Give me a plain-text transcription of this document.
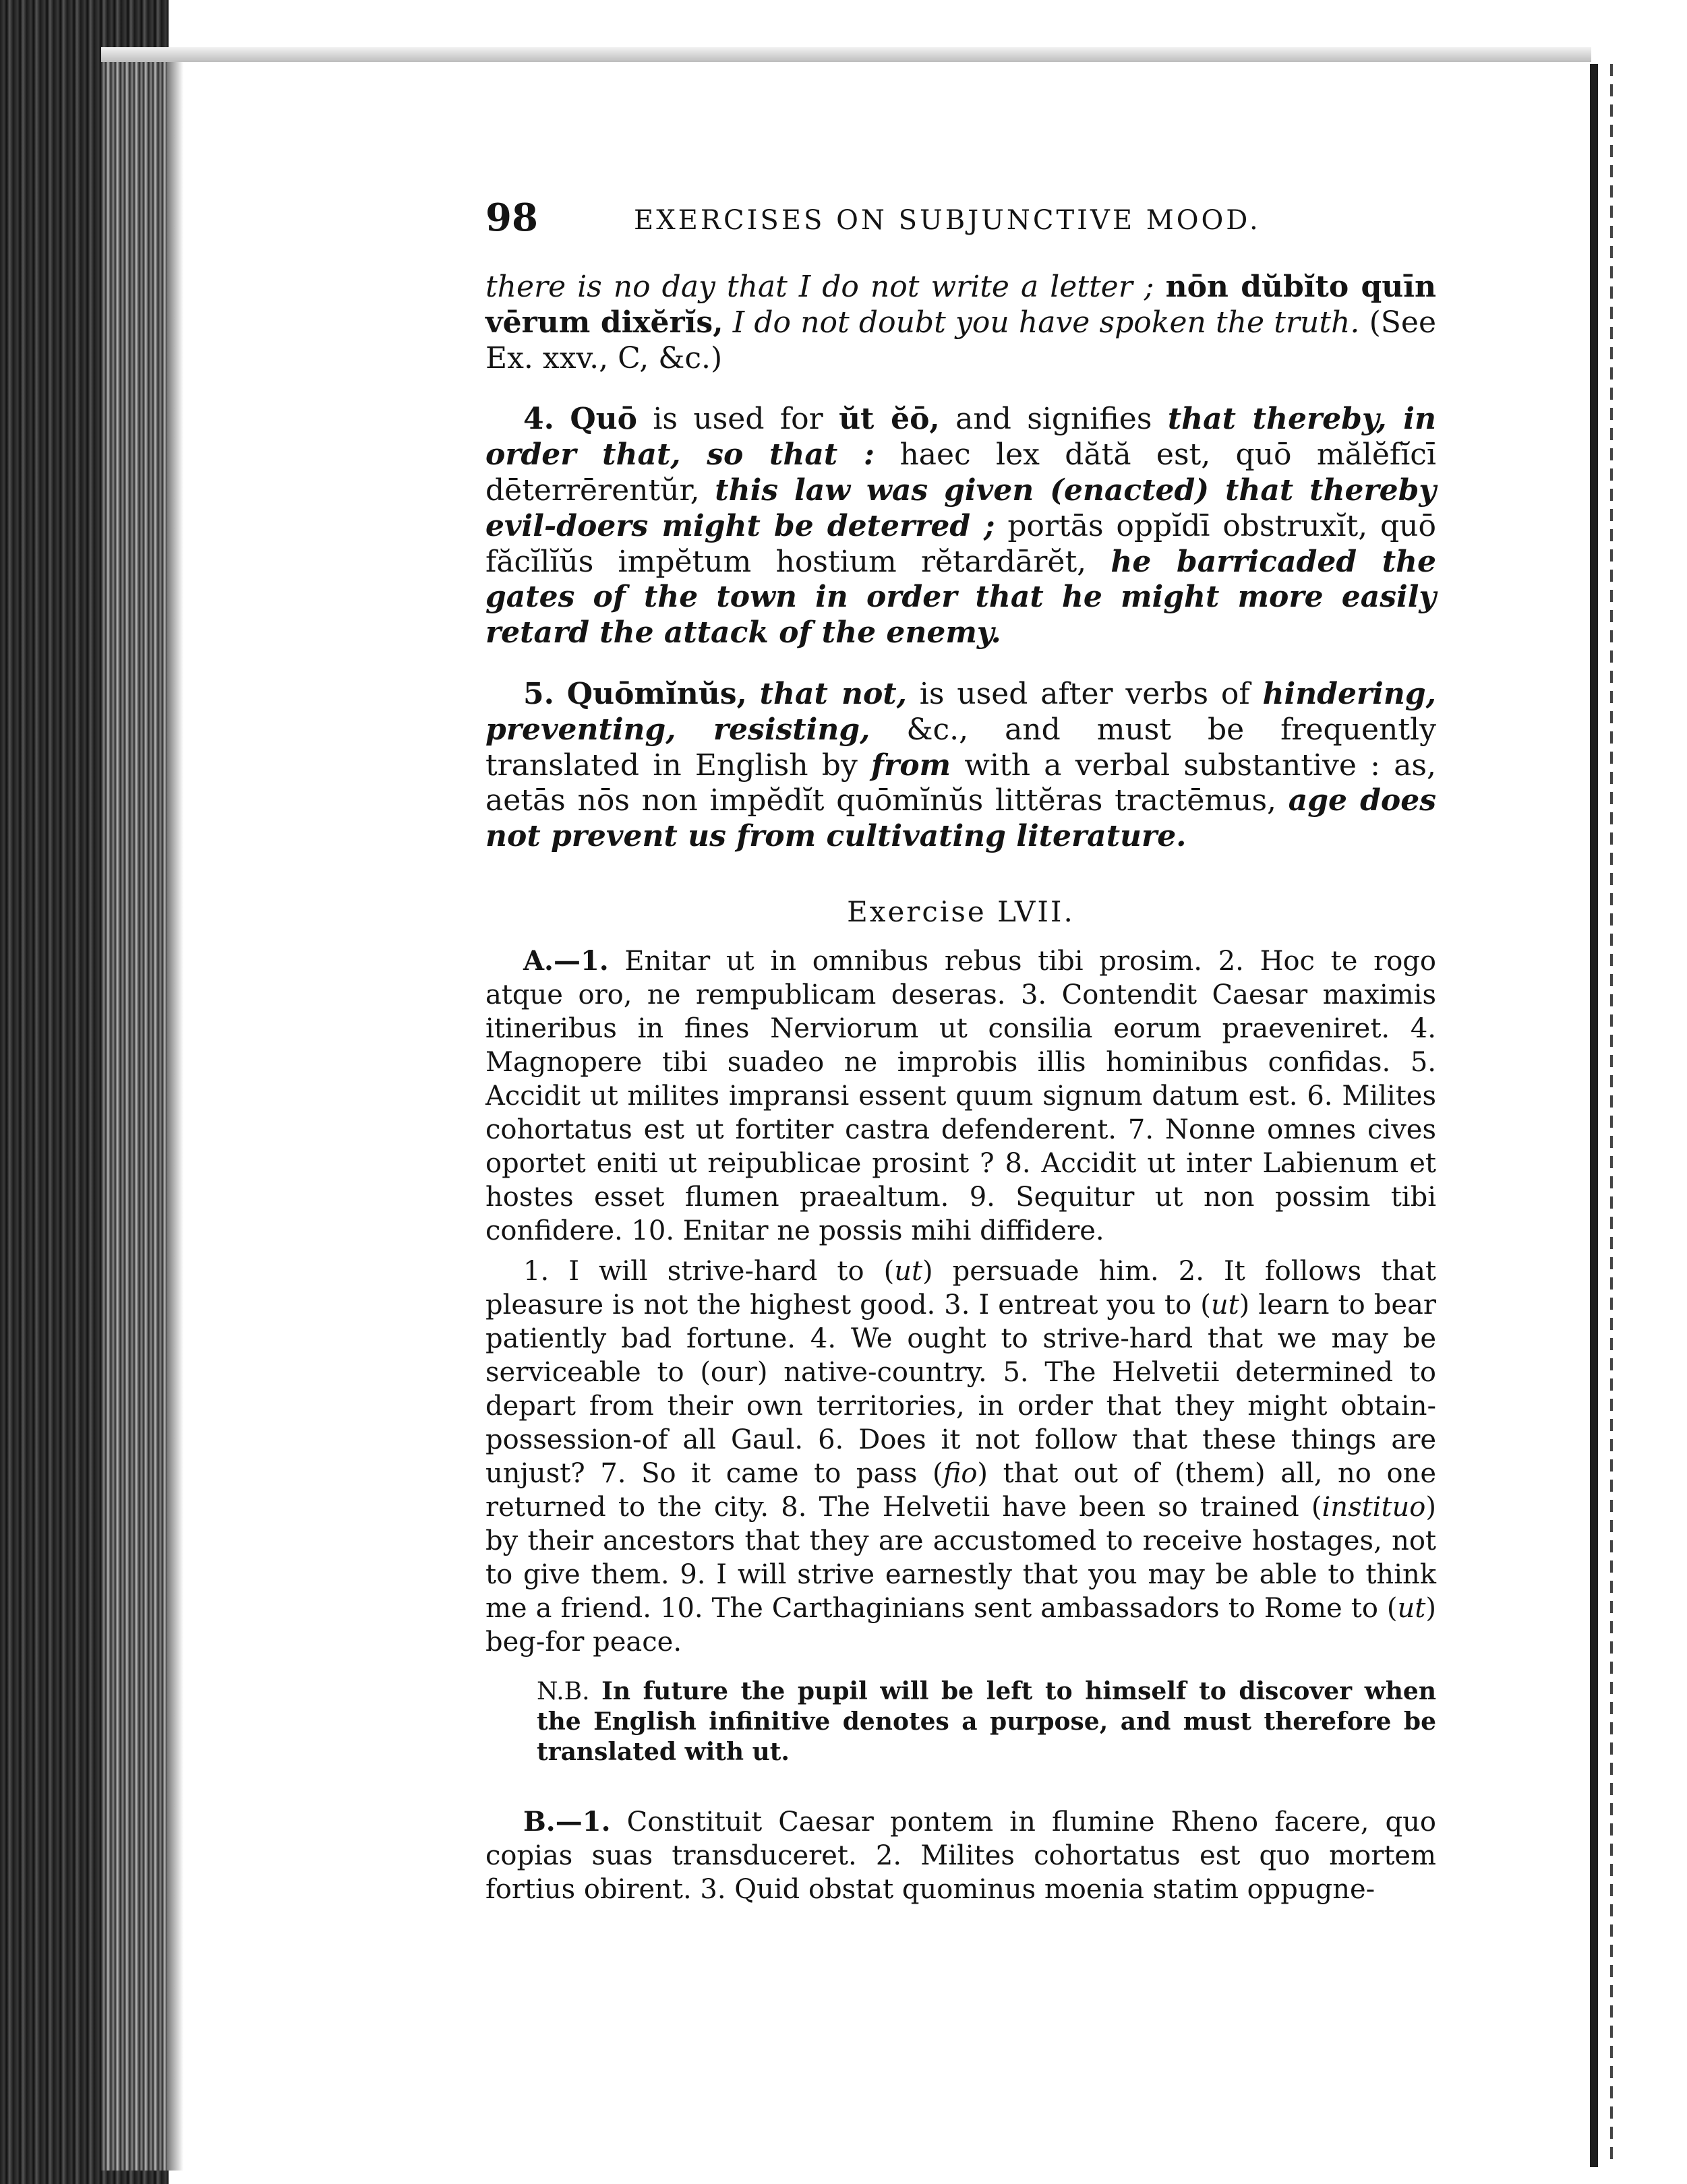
98	EXERCISES ON SUBJUNCTIVE MOOD.

there is no day that I do not write a letter ; nōn dŭbĭto quīn vērum dixĕrĭs, I do not doubt you have spoken the truth. (See Ex. xxv., C, &c.)

4. Quō is used for ŭt ĕō, and signifies that thereby, in order that, so that : haec lex dătă est, quō mălĕfĭcī dēterrērentŭr, this law was given (enacted) that thereby evil-doers might be deterred ; portās oppĭdī obstruxĭt, quō făcĭlĭŭs impĕtum hostium rĕtardārĕt, he barricaded the gates of the town in order that he might more easily retard the attack of the enemy.

5. Quōmĭnŭs, that not, is used after verbs of hindering, preventing, resisting, &c., and must be frequently translated in English by from with a verbal substantive : as, aetās nōs non impĕdĭt quōmĭnŭs littĕras tractēmus, age does not prevent us from cultivating literature.

Exercise LVII.

A.—1. Enitar ut in omnibus rebus tibi prosim. 2. Hoc te rogo atque oro, ne rempublicam deseras. 3. Contendit Caesar maximis itineribus in fines Nerviorum ut consilia eorum praeveniret. 4. Magnopere tibi suadeo ne improbis illis hominibus confidas. 5. Accidit ut milites impransi essent quum signum datum est. 6. Milites cohortatus est ut fortiter castra defenderent. 7. Nonne omnes cives oportet eniti ut reipublicae prosint ? 8. Accidit ut inter Labienum et hostes esset flumen praealtum. 9. Sequitur ut non possim tibi confidere. 10. Enitar ne possis mihi diffidere.

1. I will strive-hard to (ut) persuade him. 2. It follows that pleasure is not the highest good. 3. I entreat you to (ut) learn to bear patiently bad fortune. 4. We ought to strive-hard that we may be serviceable to (our) native-country. 5. The Helvetii determined to depart from their own territories, in order that they might obtain-possession-of all Gaul. 6. Does it not follow that these things are unjust? 7. So it came to pass (fio) that out of (them) all, no one returned to the city. 8. The Helvetii have been so trained (instituo) by their ancestors that they are accustomed to receive hostages, not to give them. 9. I will strive earnestly that you may be able to think me a friend. 10. The Carthaginians sent ambassadors to Rome to (ut) beg-for peace.

N.B. In future the pupil will be left to himself to discover when the English infinitive denotes a purpose, and must therefore be translated with ut.

B.—1. Constituit Caesar pontem in flumine Rheno facere, quo copias suas transduceret. 2. Milites cohortatus est quo mortem fortius obirent. 3. Quid obstat quominus moenia statim oppugne-
